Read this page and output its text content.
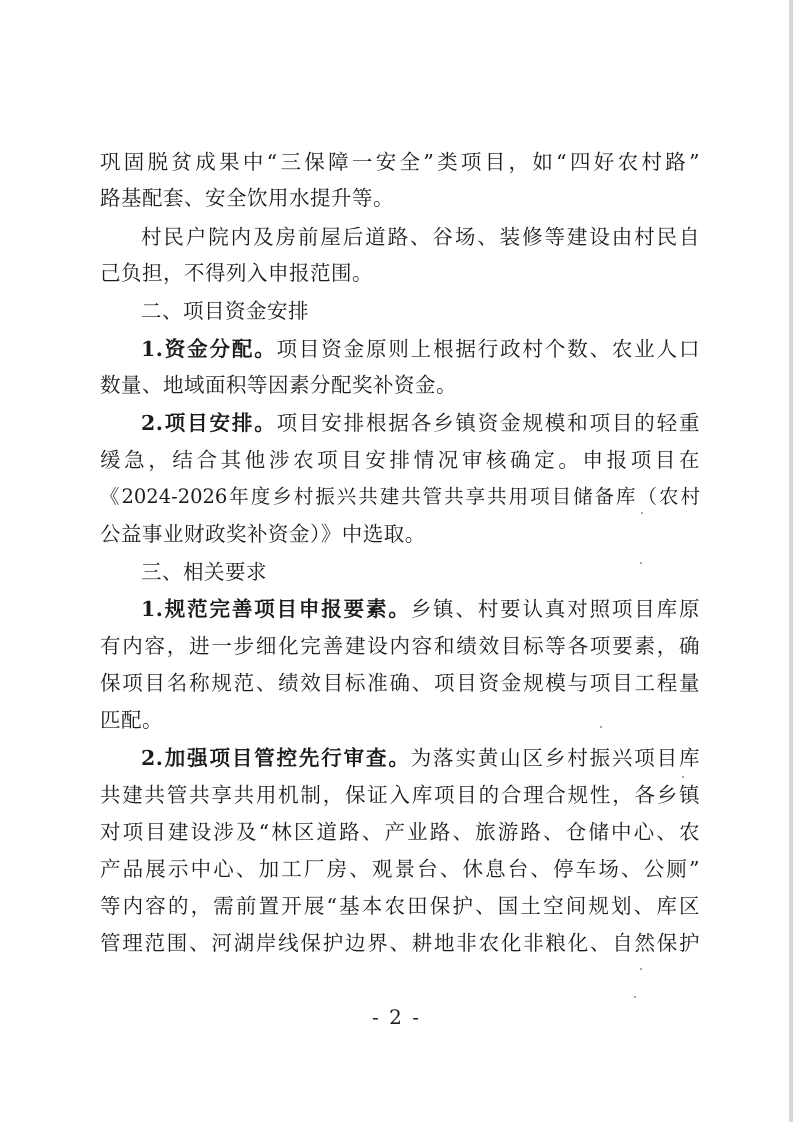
巩固脱贫成果中“三保障一安全”类项目，如“四好农村路”
路基配套、安全饮用水提升等。
村民户院内及房前屋后道路、谷场、装修等建设由村民自
己负担，不得列入申报范围。
二、项目资金安排
1.资金分配。项目资金原则上根据行政村个数、农业人口
数量、地域面积等因素分配奖补资金。
2.项目安排。项目安排根据各乡镇资金规模和项目的轻重
缓急，结合其他涉农项目安排情况审核确定。申报项目在
《2024-2026年度乡村振兴共建共管共享共用项目储备库（农村
公益事业财政奖补资金）》中选取。
三、相关要求
1.规范完善项目申报要素。乡镇、村要认真对照项目库原
有内容，进一步细化完善建设内容和绩效目标等各项要素，确
保项目名称规范、绩效目标准确、项目资金规模与项目工程量
匹配。
2.加强项目管控先行审查。为落实黄山区乡村振兴项目库
共建共管共享共用机制，保证入库项目的合理合规性，各乡镇
对项目建设涉及“林区道路、产业路、旅游路、仓储中心、农
产品展示中心、加工厂房、观景台、休息台、停车场、公厕”
等内容的，需前置开展“基本农田保护、国土空间规划、库区
管理范围、河湖岸线保护边界、耕地非农化非粮化、自然保护
- 2 -
